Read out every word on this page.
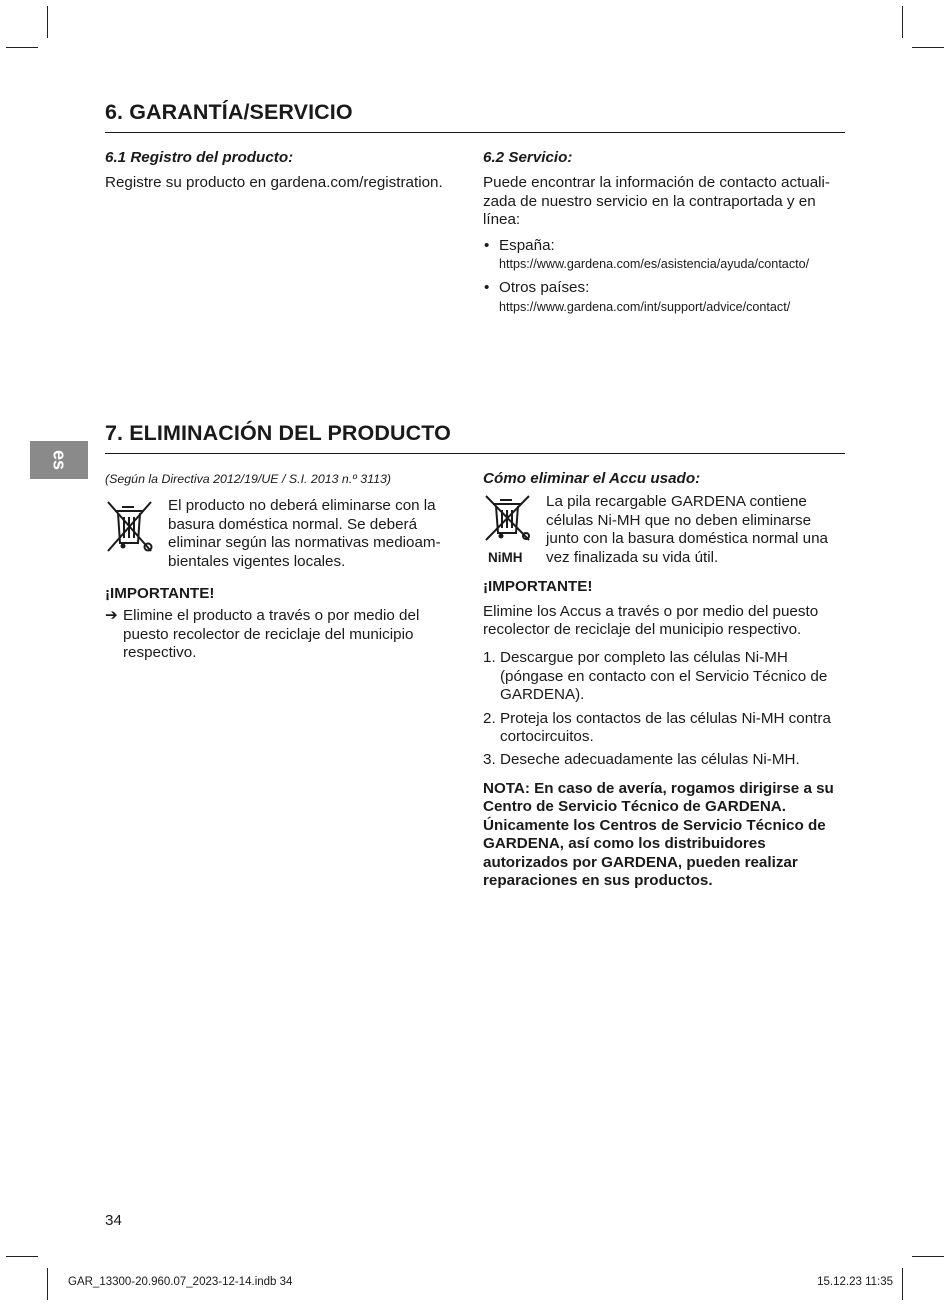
es
6. GARANTÍA/SERVICIO

6.1 Registro del producto:

Registre su producto en gardena.com/registration.

6.2 Servicio:

Puede encontrar la información de contacto actuali-zada de nuestro servicio en la contraportada y en línea:

• España:
https://www.gardena.com/es/asistencia/ayuda/contacto/
• Otros países:
https://www.gardena.com/int/support/advice/contact/
7. ELIMINACIÓN DEL PRODUCTO

(Según la Directiva 2012/19/UE / S.I. 2013 n.º 3113)

El producto no deberá eliminarse con la basura doméstica normal. Se deberá eliminar según las normativas medioam-bientales vigentes locales.

¡IMPORTANTE!

➔ Elimine el producto a través o por medio del puesto recolector de reciclaje del municipio respectivo.

Cómo eliminar el Accu usado:

NiMH

La pila recargable GARDENA contiene células Ni-MH que no deben eliminarse junto con la basura doméstica normal una vez finalizada su vida útil.

¡IMPORTANTE!

Elimine los Accus a través o por medio del puesto recolector de reciclaje del municipio respectivo.

1. Descargue por completo las células Ni-MH (póngase en contacto con el Servicio Técnico de GARDENA).
2. Proteja los contactos de las células Ni-MH contra cortocircuitos.
3. Deseche adecuadamente las células Ni-MH.

NOTA: En caso de avería, rogamos dirigirse a su Centro de Servicio Técnico de GARDENA. Únicamente los Centros de Servicio Técnico de GARDENA, así como los distribuidores autorizados por GARDENA, pueden realizar reparaciones en sus productos.

34
GAR_13300-20.960.07_2023-12-14.indb 34	15.12.23 11:35
